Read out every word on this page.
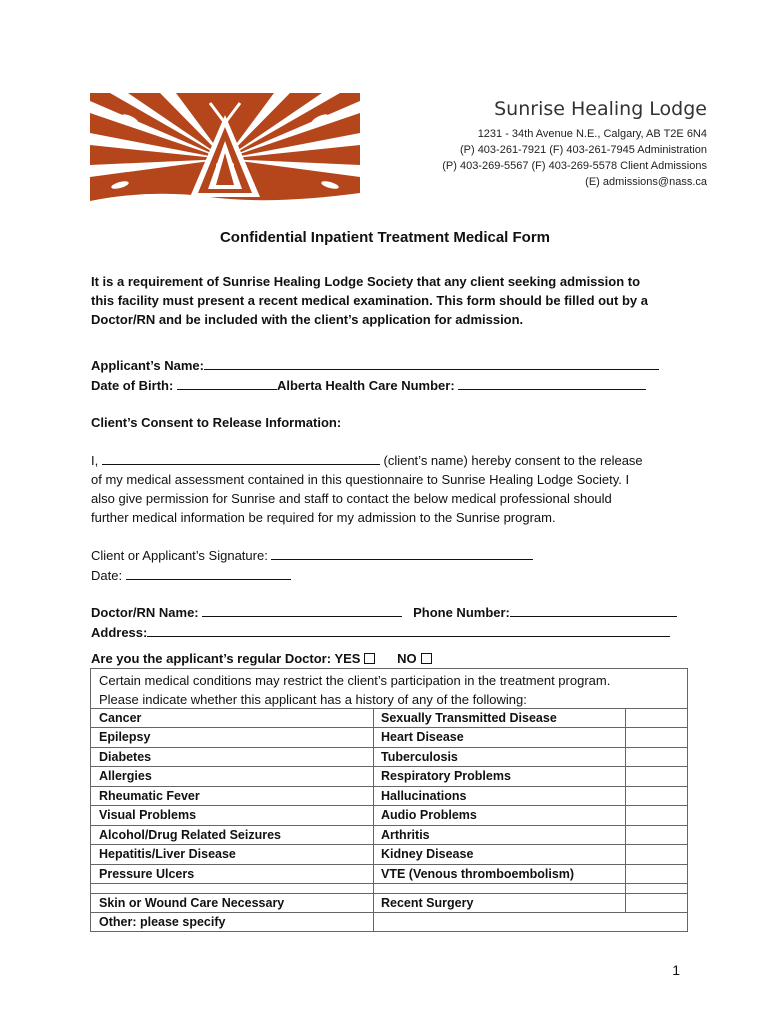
Sunrise Healing Lodge
1231 - 34th Avenue N.E., Calgary, AB T2E 6N4
(P) 403-261-7921 (F) 403-261-7945 Administration
(P) 403-269-5567 (F) 403-269-5578 Client Admissions
(E) admissions@nass.ca
Confidential Inpatient Treatment Medical Form
It is a requirement of Sunrise Healing Lodge Society that any client seeking admission to
this facility must present a recent medical examination. This form should be filled out by a
Doctor/RN and be included with the client’s application for admission.
Applicant’s Name:
Date of Birth:	Alberta Health Care Number:
Client’s Consent to Release Information:
I,	(client’s name) hereby consent to the release
of my medical assessment contained in this questionnaire to Sunrise Healing Lodge Society. I
also give permission for Sunrise and staff to contact the below medical professional should
further medical information be required for my admission to the Sunrise program.
Client or Applicant’s Signature:
Date:
Doctor/RN Name:	Phone Number:
Address:
Are you the applicant’s regular Doctor: YES	NO
Certain medical conditions may restrict the client’s participation in the treatment program.
Please indicate whether this applicant has a history of any of the following:
Cancer	Sexually Transmitted Disease
Epilepsy	Heart Disease
Diabetes	Tuberculosis
Allergies	Respiratory Problems
Rheumatic Fever	Hallucinations
Visual Problems	Audio Problems
Alcohol/Drug Related Seizures	Arthritis
Hepatitis/Liver Disease	Kidney Disease
Pressure Ulcers	VTE (Venous thromboembolism)
Skin or Wound Care Necessary	Recent Surgery
Other: please specify
1
